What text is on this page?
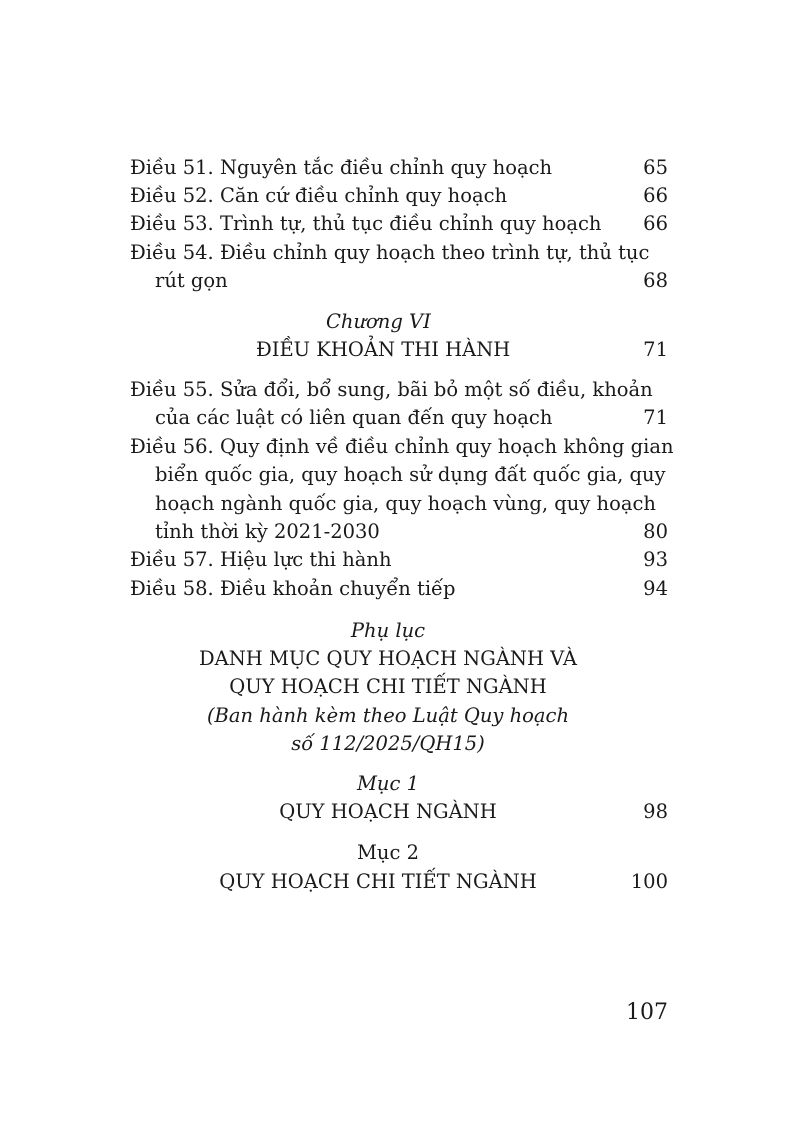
Điều 51. Nguyên tắc điều chỉnh quy hoạch	65
Điều 52. Căn cứ điều chỉnh quy hoạch	66
Điều 53. Trình tự, thủ tục điều chỉnh quy hoạch 66
Điều 54. Điều chỉnh quy hoạch theo trình tự, thủ tục
rút gọn	68
Chương VI
ĐIỀU KHOẢN THI HÀNH	71
Điều 55. Sửa đổi, bổ sung, bãi bỏ một số điều, khoản
của các luật có liên quan đến quy hoạch	71
Điều 56. Quy định về điều chỉnh quy hoạch không gian
biển quốc gia, quy hoạch sử dụng đất quốc gia, quy
hoạch ngành quốc gia, quy hoạch vùng, quy hoạch
tỉnh thời kỳ 2021-2030	80
Điều 57. Hiệu lực thi hành	93
Điều 58. Điều khoản chuyển tiếp	94
Phụ lục
DANH MỤC QUY HOẠCH NGÀNH VÀ
QUY HOẠCH CHI TIẾT NGÀNH
(Ban hành kèm theo Luật Quy hoạch
số 112/2025/QH15)
Mục 1
QUY HOẠCH NGÀNH	98
Mục 2
QUY HOẠCH CHI TIẾT NGÀNH	100
107
